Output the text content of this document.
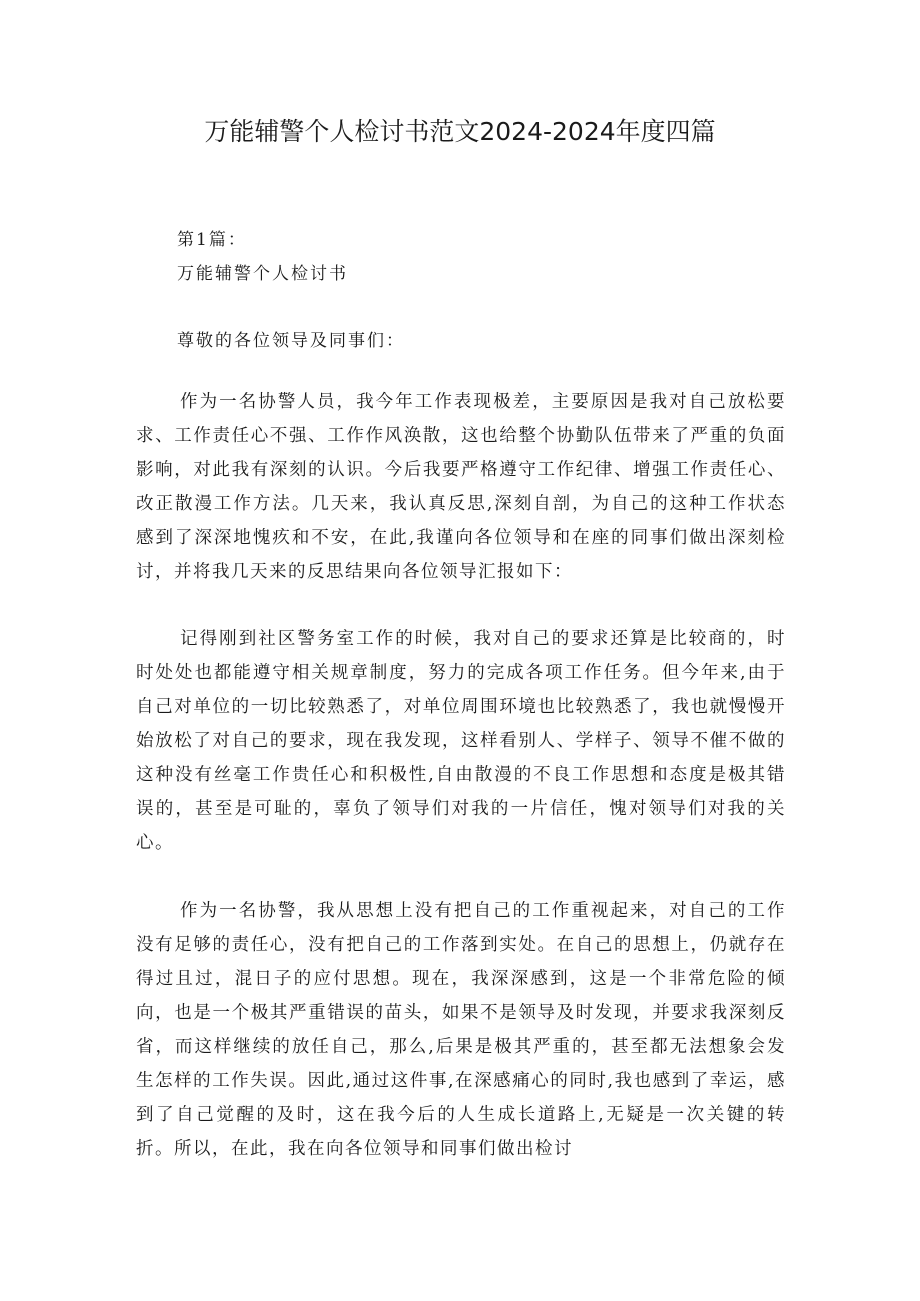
万能辅警个人检讨书范文2024-2024年度四篇

第1篇：

万能辅警个人检讨书

尊敬的各位领导及同事们：

作为一名协警人员，我今年工作表现极差，主要原因是我对自己放松要求、工作责任心不强、工作作风涣散，这也给整个协勤队伍带来了严重的负面影响，对此我有深刻的认识。今后我要严格遵守工作纪律、增强工作责任心、改正散漫工作方法。几天来，我认真反思,深刻自剖，为自己的这种工作状态感到了深深地愧疚和不安，在此,我谨向各位领导和在座的同事们做出深刻检讨，并将我几天来的反思结果向各位领导汇报如下：

记得刚到社区警务室工作的时候，我对自己的要求还算是比较商的，时时处处也都能遵守相关规章制度，努力的完成各项工作任务。但今年来,由于自己对单位的一切比较熟悉了，对单位周围环境也比较熟悉了，我也就慢慢开始放松了对自己的要求，现在我发现，这样看别人、学样子、领导不催不做的这种没有丝毫工作贵任心和积极性,自由散漫的不良工作思想和态度是极其错误的，甚至是可耻的，辜负了领导们对我的一片信任，愧对领导们对我的关心。

作为一名协警，我从思想上没有把自己的工作重视起来，对自己的工作没有足够的责任心，没有把自己的工作落到实处。在自己的思想上，仍就存在得过且过，混日子的应付思想。现在，我深深感到，这是一个非常危险的倾向，也是一个极其严重错误的苗头，如果不是领导及时发现，并要求我深刻反省，而这样继续的放任自己，那么,后果是极其严重的，甚至都无法想象会发生怎样的工作失误。因此,通过这件事,在深感痛心的同时,我也感到了幸运，感到了自己觉醒的及时，这在我今后的人生成长道路上,无疑是一次关键的转折。所以，在此，我在向各位领导和同事们做出检讨
